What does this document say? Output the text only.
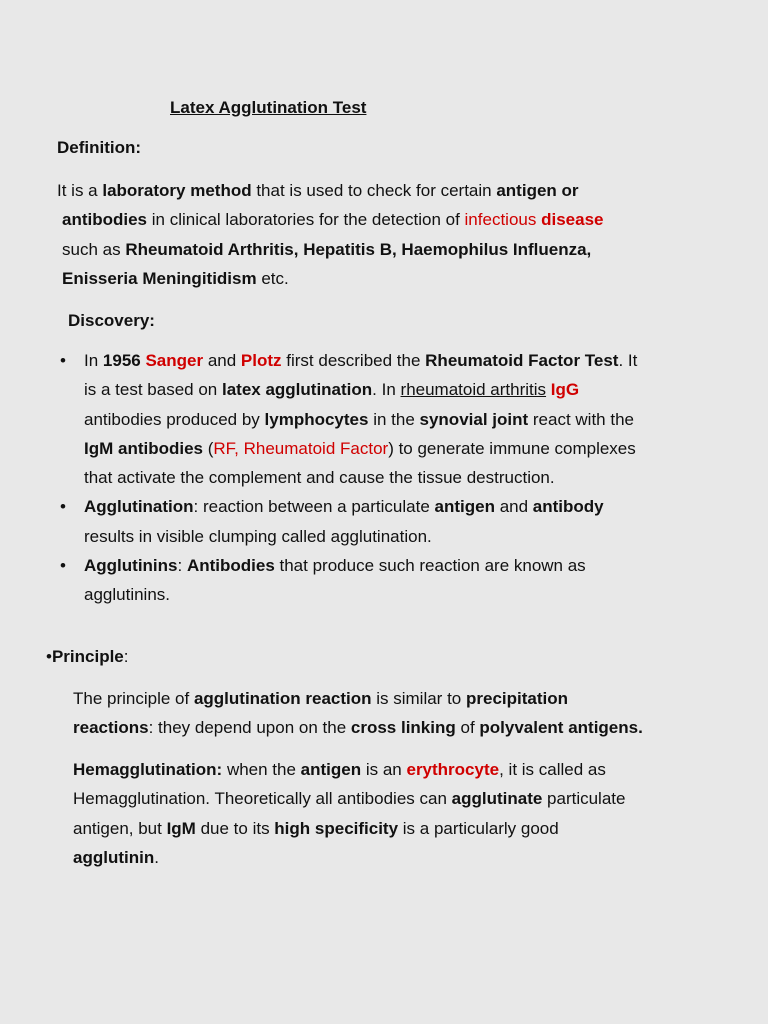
Latex Agglutination Test
Definition:
It is a laboratory method that is used to check for certain antigen or
antibodies in clinical laboratories for the detection of infectious disease
such as Rheumatoid Arthritis, Hepatitis B, Haemophilus Influenza,
Enisseria Meningitidism etc.
Discovery:
• In 1956 Sanger and Plotz first described the Rheumatoid Factor Test. It
is a test based on latex agglutination. In rheumatoid arthritis IgG
antibodies produced by lymphocytes in the synovial joint react with the
IgM antibodies (RF, Rheumatoid Factor) to generate immune complexes
that activate the complement and cause the tissue destruction.
• Agglutination: reaction between a particulate antigen and antibody
results in visible clumping called agglutination.
• Agglutinins: Antibodies that produce such reaction are known as
agglutinins.
•Principle:
The principle of agglutination reaction is similar to precipitation
reactions: they depend upon on the cross linking of polyvalent antigens.
Hemagglutination: when the antigen is an erythrocyte, it is called as
Hemagglutination. Theoretically all antibodies can agglutinate particulate
antigen, but IgM due to its high specificity is a particularly good
agglutinin.
